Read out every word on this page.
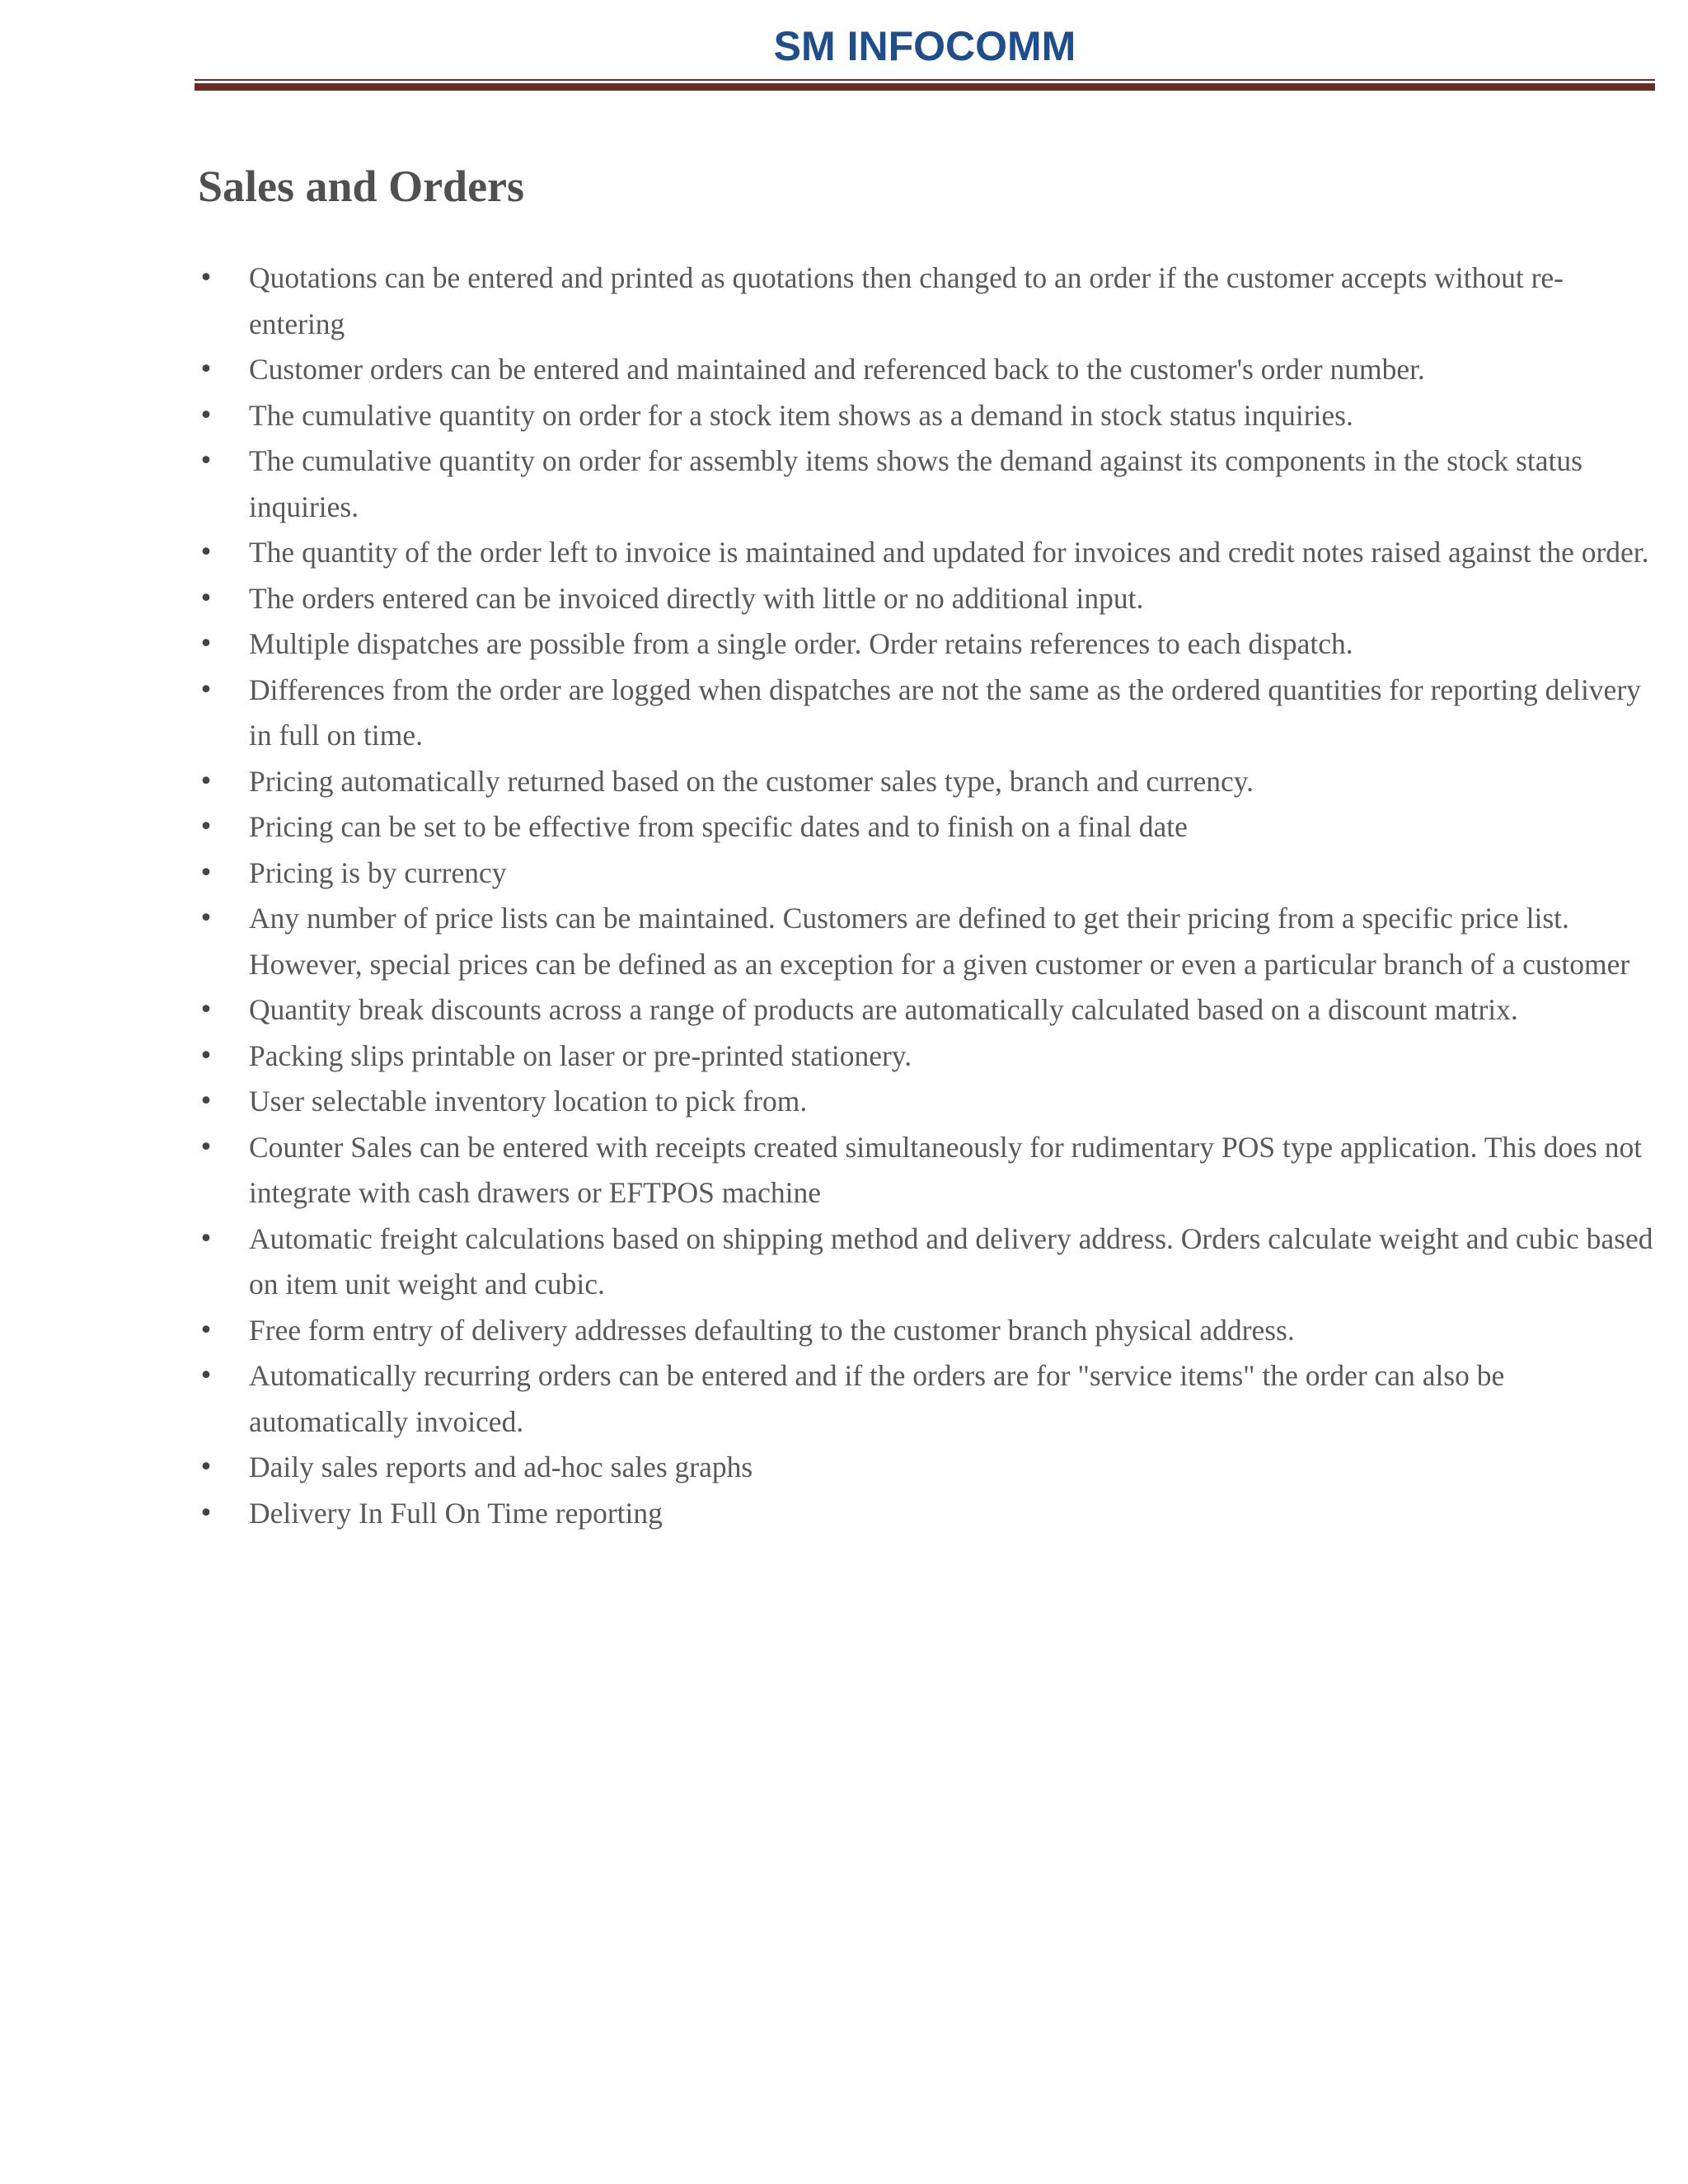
SM INFOCOMM
Sales and Orders
• Quotations can be entered and printed as quotations then changed to an order if the customer accepts without re-entering
• Customer orders can be entered and maintained and referenced back to the customer's order number.
• The cumulative quantity on order for a stock item shows as a demand in stock status inquiries.
• The cumulative quantity on order for assembly items shows the demand against its components in the stock status inquiries.
• The quantity of the order left to invoice is maintained and updated for invoices and credit notes raised against the order.
• The orders entered can be invoiced directly with little or no additional input.
• Multiple dispatches are possible from a single order. Order retains references to each dispatch.
• Differences from the order are logged when dispatches are not the same as the ordered quantities for reporting delivery in full on time.
• Pricing automatically returned based on the customer sales type, branch and currency.
• Pricing can be set to be effective from specific dates and to finish on a final date
• Pricing is by currency
• Any number of price lists can be maintained. Customers are defined to get their pricing from a specific price list. However, special prices can be defined as an exception for a given customer or even a particular branch of a customer
• Quantity break discounts across a range of products are automatically calculated based on a discount matrix.
• Packing slips printable on laser or pre-printed stationery.
• User selectable inventory location to pick from.
• Counter Sales can be entered with receipts created simultaneously for rudimentary POS type application. This does not integrate with cash drawers or EFTPOS machine
• Automatic freight calculations based on shipping method and delivery address. Orders calculate weight and cubic based on item unit weight and cubic.
• Free form entry of delivery addresses defaulting to the customer branch physical address.
• Automatically recurring orders can be entered and if the orders are for "service items" the order can also be automatically invoiced.
• Daily sales reports and ad-hoc sales graphs
• Delivery In Full On Time reporting
